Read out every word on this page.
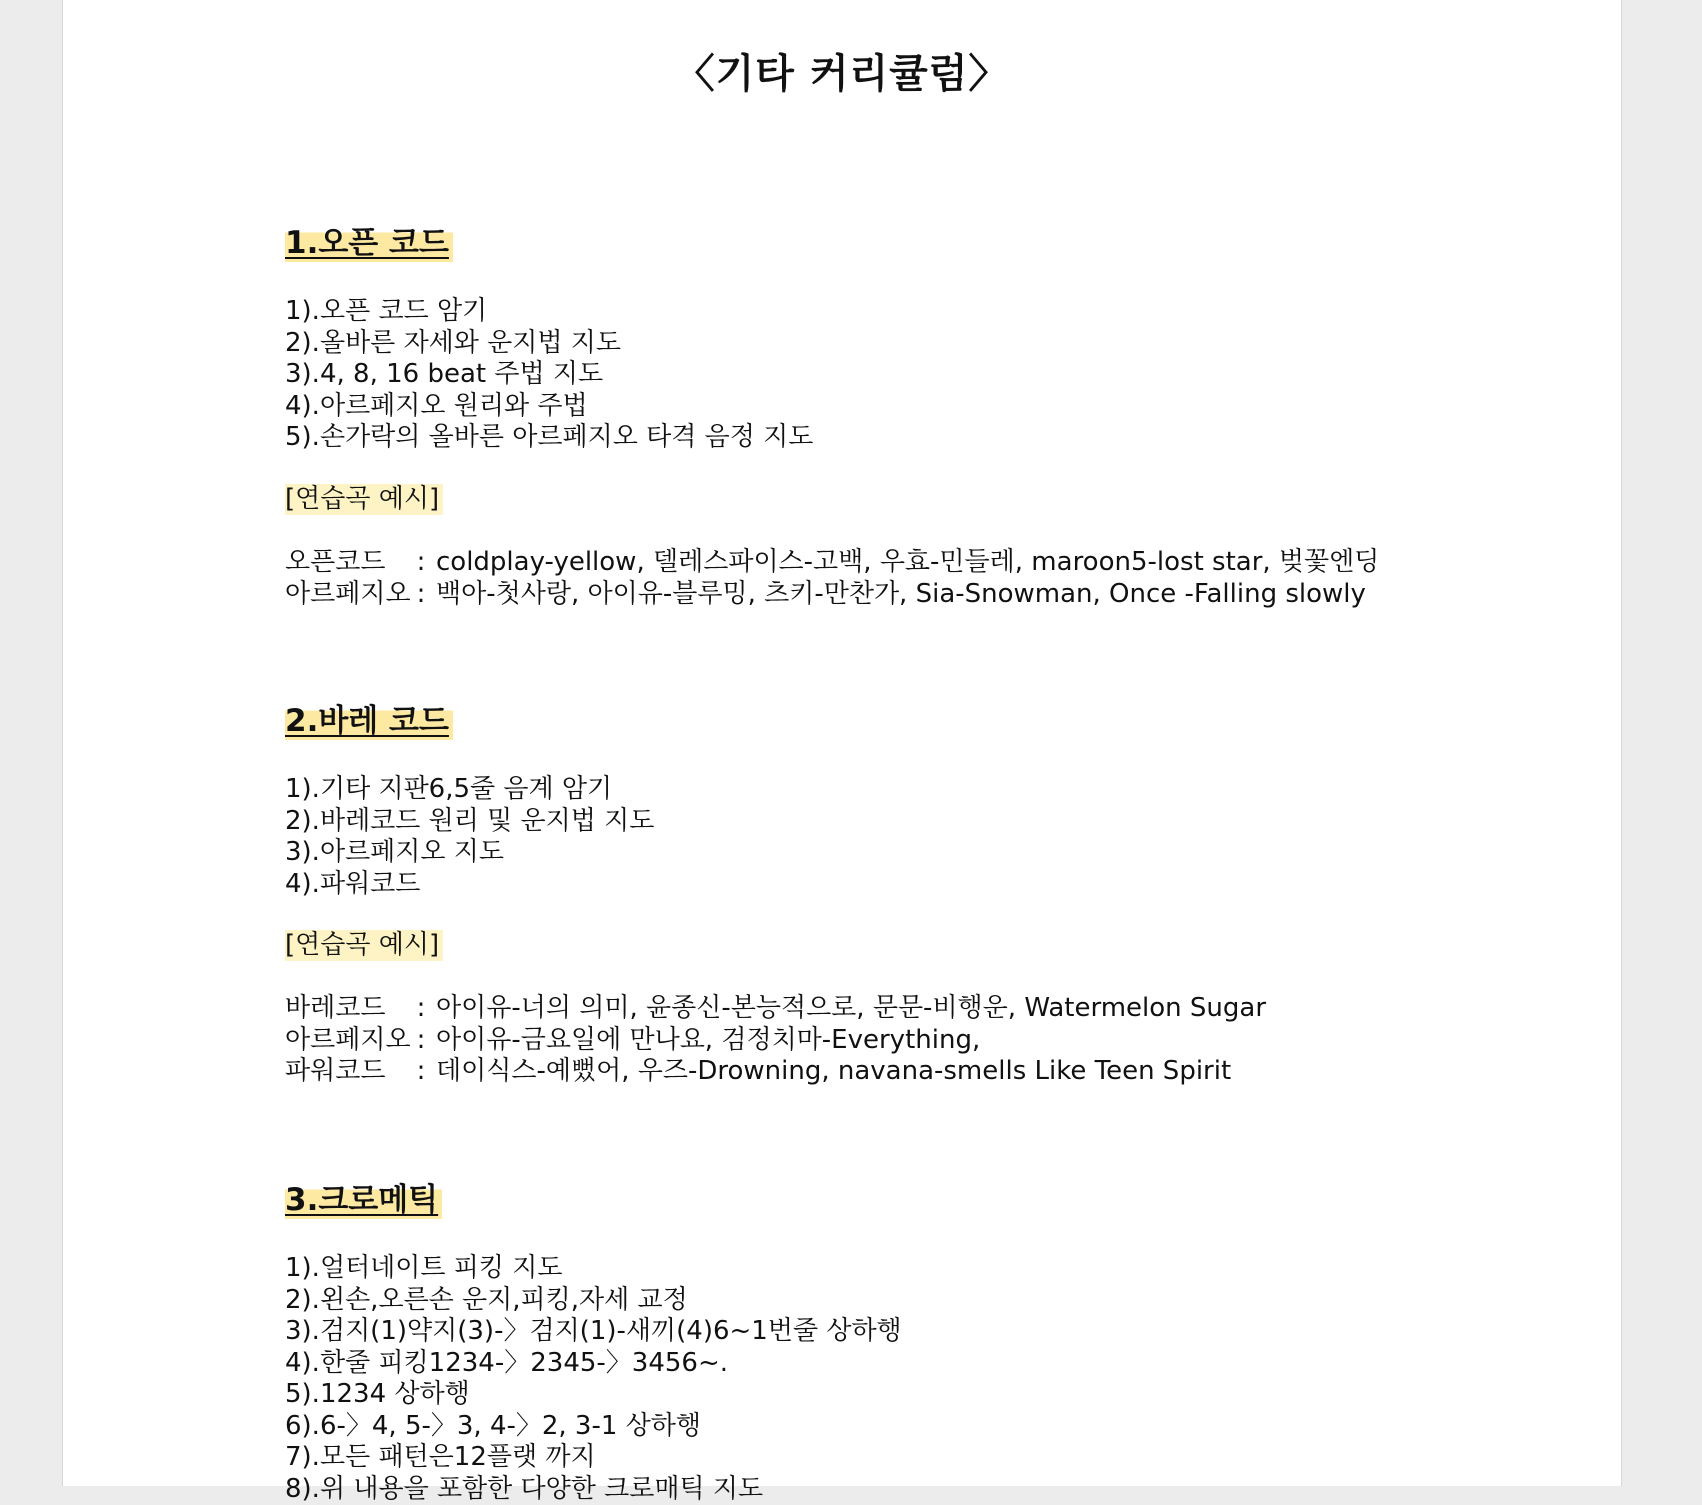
〈기타 커리큘럼〉
1.오픈 코드
1).오픈 코드 암기
2).올바른 자세와 운지법 지도
3).4, 8, 16 beat 주법 지도
4).아르페지오 원리와 주법
5).손가락의 올바른 아르페지오 타격 음정 지도
[연습곡 예시]
오픈코드	: coldplay-yellow, 델레스파이스-고백, 우효-민들레, maroon5-lost star, 벚꽃엔딩
아르페지오 : 백아-첫사랑, 아이유-블루밍, 츠키-만찬가, Sia-Snowman, Once -Falling slowly
2.바레 코드
1).기타 지판6,5줄 음계 암기
2).바레코드 원리 및 운지법 지도
3).아르페지오 지도
4).파워코드
[연습곡 예시]
바레코드	: 아이유-너의 의미, 윤종신-본능적으로, 문문-비행운, Watermelon Sugar
아르페지오 : 아이유-금요일에 만나요, 검정치마-Everything,
파워코드	: 데이식스-예뻤어, 우즈-Drowning, navana-smells Like Teen Spirit
3.크로메틱
1).얼터네이트 피킹 지도
2).왼손,오른손 운지,피킹,자세 교정
3).검지(1)약지(3)-〉검지(1)-새끼(4)6~1번줄 상하행
4).한줄 피킹1234-〉2345-〉3456~.
5).1234 상하행
6).6-〉4, 5-〉3, 4-〉2, 3-1 상하행
7).모든 패턴은12플랫 까지
8).위 내용을 포함한 다양한 크로매틱 지도
